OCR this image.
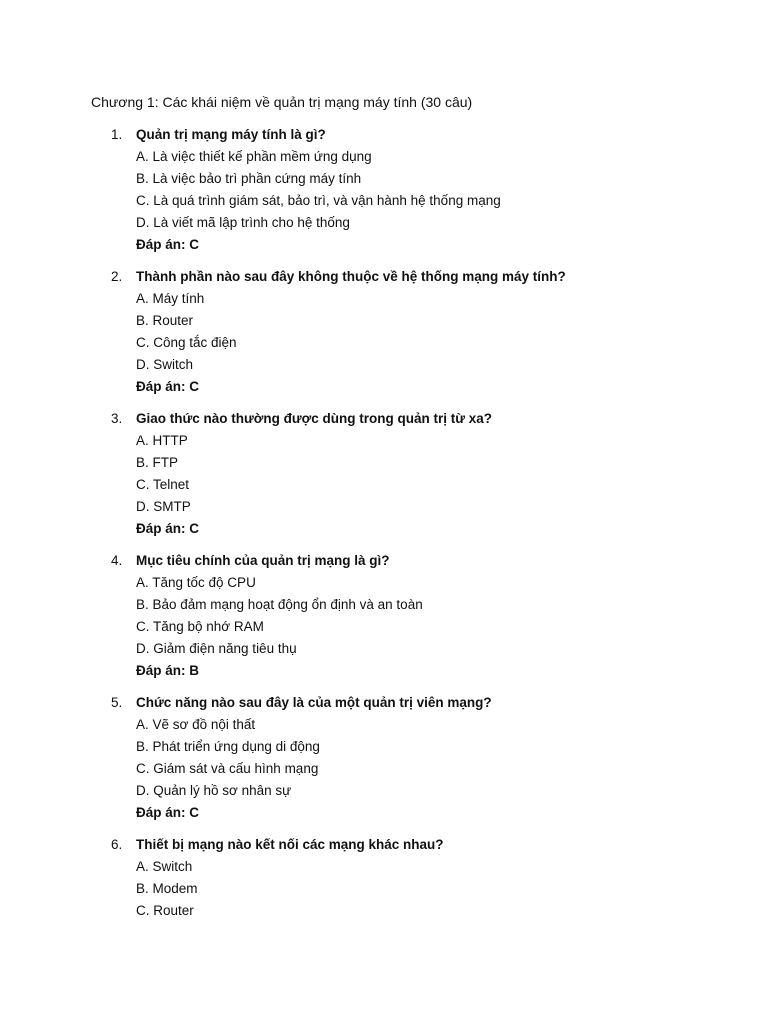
Chương 1: Các khái niệm về quản trị mạng máy tính (30 câu)
1.	Quản trị mạng máy tính là gì?
A. Là việc thiết kế phần mềm ứng dụng
B. Là việc bảo trì phần cứng máy tính
C. Là quá trình giám sát, bảo trì, và vận hành hệ thống mạng
D. Là viết mã lập trình cho hệ thống
Đáp án: C
2.	Thành phần nào sau đây không thuộc về hệ thống mạng máy tính?
A. Máy tính
B. Router
C. Công tắc điện
D. Switch
Đáp án: C
3.	Giao thức nào thường được dùng trong quản trị từ xa?
A. HTTP
B. FTP
C. Telnet
D. SMTP
Đáp án: C
4.	Mục tiêu chính của quản trị mạng là gì?
A. Tăng tốc độ CPU
B. Bảo đảm mạng hoạt động ổn định và an toàn
C. Tăng bộ nhớ RAM
D. Giảm điện năng tiêu thụ
Đáp án: B
5.	Chức năng nào sau đây là của một quản trị viên mạng?
A. Vẽ sơ đồ nội thất
B. Phát triển ứng dụng di động
C. Giám sát và cấu hình mạng
D. Quản lý hồ sơ nhân sự
Đáp án: C
6.	Thiết bị mạng nào kết nối các mạng khác nhau?
A. Switch
B. Modem
C. Router
